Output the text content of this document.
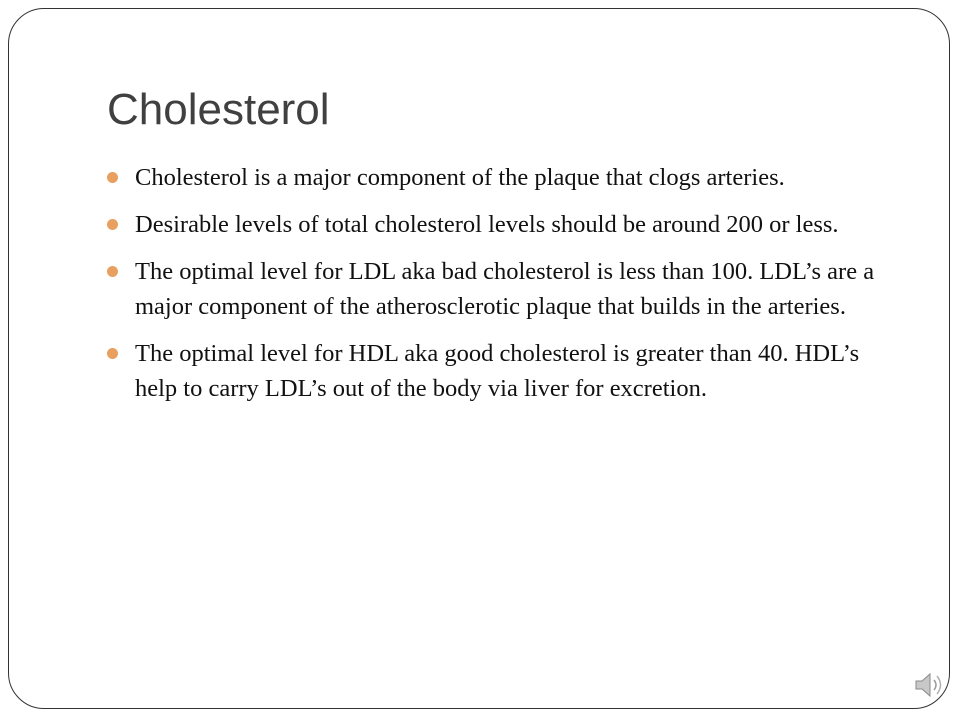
Cholesterol
Cholesterol is a major component of the plaque that clogs arteries.
Desirable levels of total cholesterol levels should be around 200 or less.
The optimal level for LDL aka bad cholesterol is less than 100. LDL’s are a major component of the atherosclerotic plaque that builds in the arteries.
The optimal level for HDL aka good cholesterol is greater than 40. HDL’s help to carry LDL’s out of the body via liver for excretion.
